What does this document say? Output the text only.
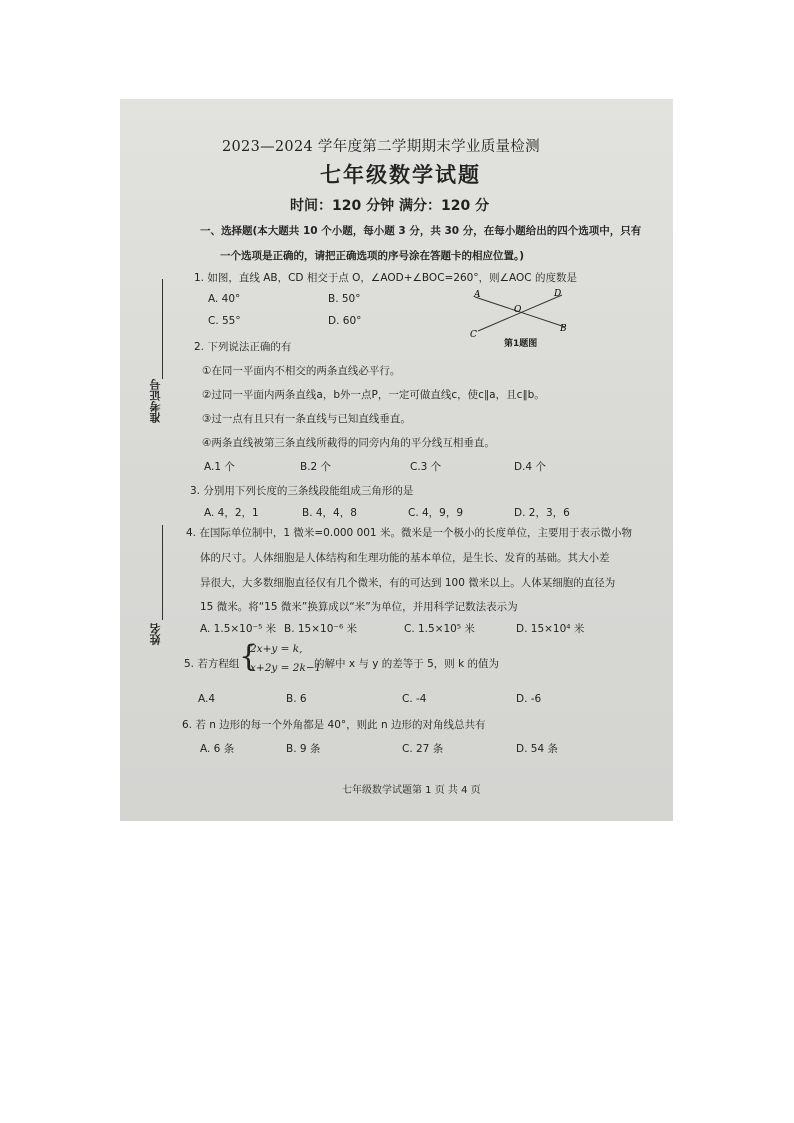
2023—2024 学年度第二学期期末学业质量检测
七年级数学试题
时间：120 分钟 满分：120 分
准考证号
姓名
一、选择题(本大题共 10 个小题，每小题 3 分，共 30 分，在每小题给出的四个选项中，只有
一个选项是正确的，请把正确选项的序号涂在答题卡的相应位置。)
1. 如图，直线 AB，CD 相交于点 O，∠AOD+∠BOC=260°，则∠AOC 的度数是
A. 40°	B. 50°
C. 55°	D. 60°
A	D
O
C
B
第1题图
2. 下列说法正确的有
①在同一平面内不相交的两条直线必平行。
②过同一平面内两条直线a，b外一点P，一定可做直线c，使c∥a，且c∥b。
③过一点有且只有一条直线与已知直线垂直。
④两条直线被第三条直线所截得的同旁内角的平分线互相垂直。
A.1 个	B.2 个	C.3 个	D.4 个
3. 分别用下列长度的三条线段能组成三角形的是
A. 4，2，1	B. 4，4，8	C. 4，9，9	D. 2，3，6
4. 在国际单位制中，1 微米=0.000 001 米。微米是一个极小的长度单位，主要用于表示微小物
体的尺寸。人体细胞是人体结构和生理功能的基本单位，是生长、发育的基础。其大小差
异很大，大多数细胞直径仅有几个微米，有的可达到 100 微米以上。人体某细胞的直径为
15 微米。将“15 微米”换算成以“米”为单位，并用科学记数法表示为
A. 1.5×10⁻⁵ 米 B. 15×10⁻⁶ 米	C. 1.5×10⁵ 米	D. 15×10⁴ 米
5. 若方程组 {
2x+y = k,
x+2y = 2k−1
的解中 x 与 y 的差等于 5，则 k 的值为
A.4	B. 6	C. -4	D. -6
6. 若 n 边形的每一个外角都是 40°，则此 n 边形的对角线总共有
A. 6 条	B. 9 条	C. 27 条	D. 54 条
七年级数学试题第 1 页 共 4 页
